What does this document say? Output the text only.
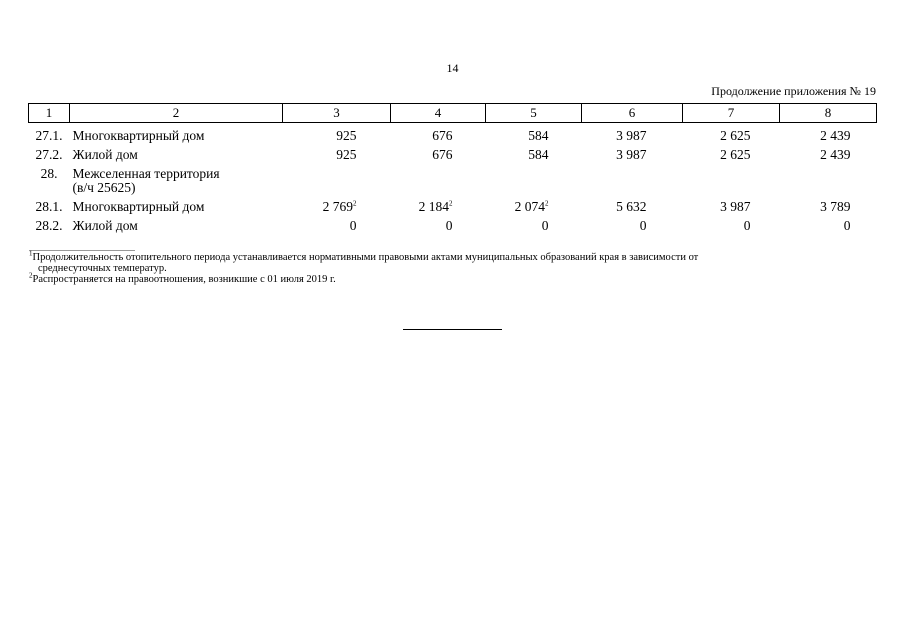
14
Продолжение приложения № 19
1	2	3	4	5	6	7	8
27.1.	Многоквартирный дом	925	676	584	3 987	2 625	2 439
27.2.	Жилой дом	925	676	584	3 987	2 625	2 439
28.	Межселенная территория
(в/ч 25625)						

28.1.	Многоквартирный дом	2 769$^2$	2 184$^2$	2 074$^2$	5 632	3 987	3 789
28.2.	Жилой дом	0	0	0	0	0	0

$^1$Продолжительность отопительного периода устанавливается нормативными правовыми актами муниципальных образований края в зависимости от
среднесуточных температур.

$^2$Распространяется на правоотношения, возникшие с 01 июля 2019 г.
